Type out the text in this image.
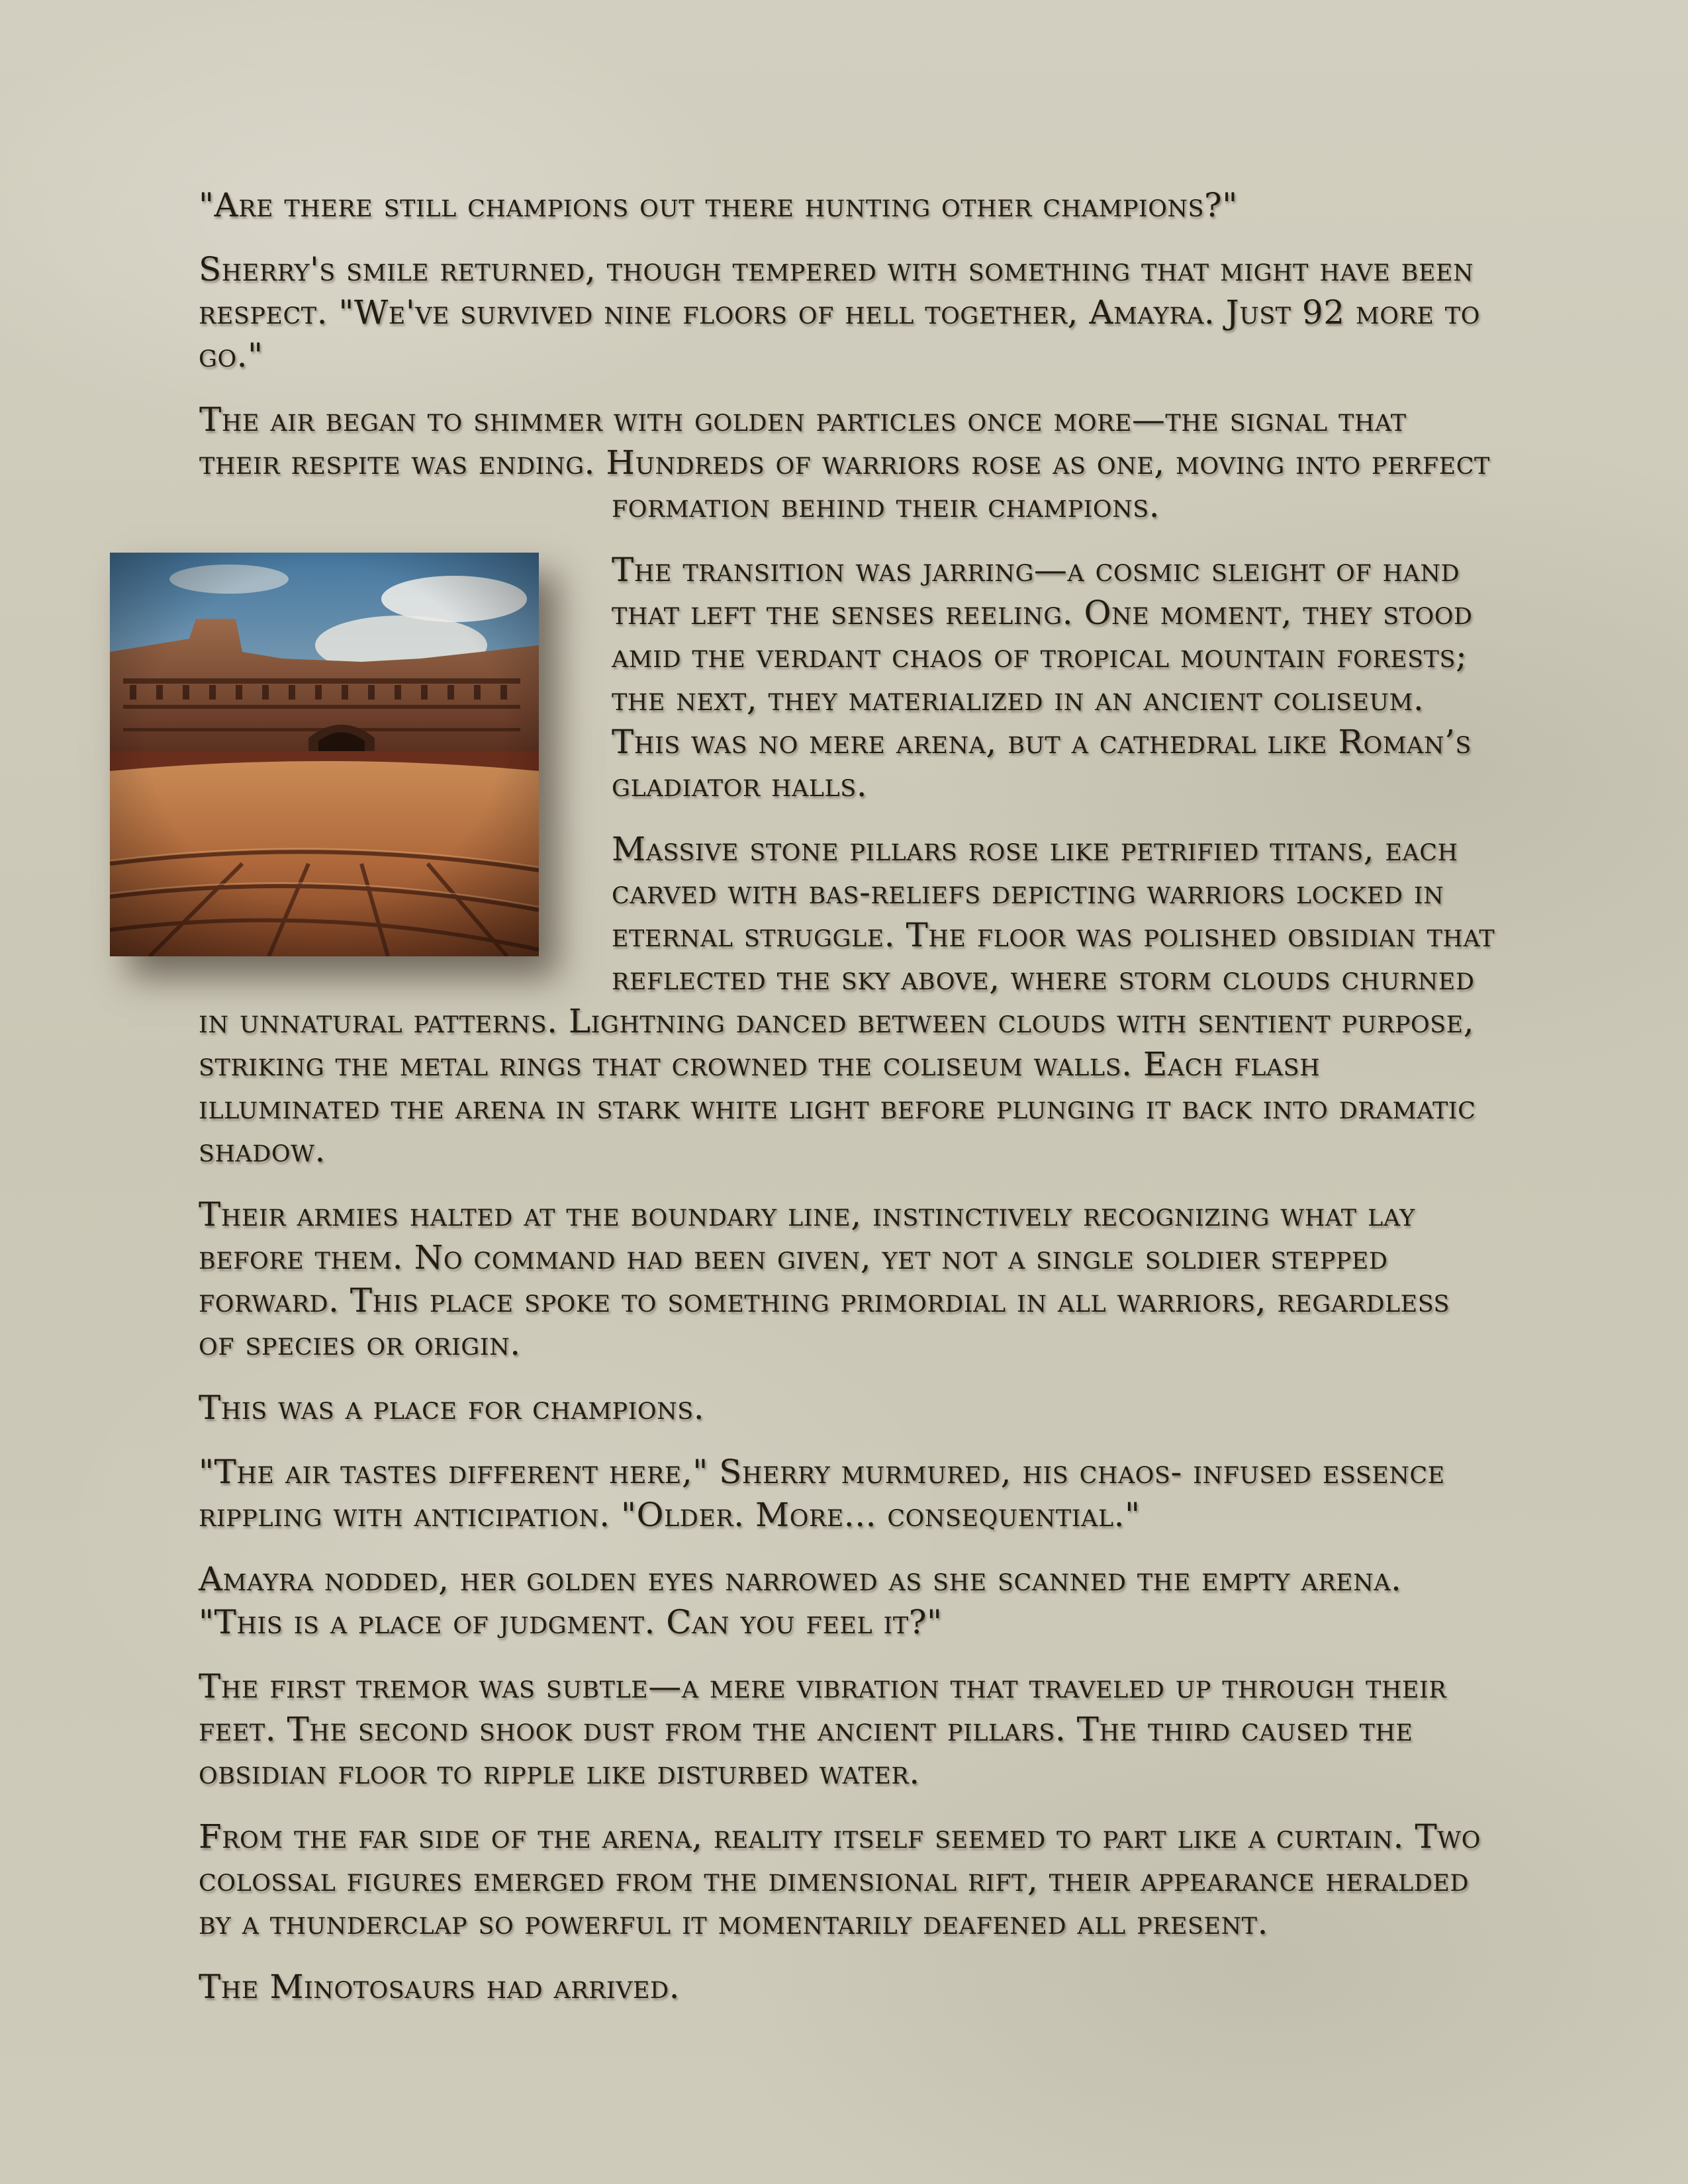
"Are there still champions out there hunting other champions?"

Sherry's smile returned, though tempered with something that might have been respect. "We've survived nine floors of hell together, Amayra. Just 92 more to go."

The air began to shimmer with golden particles once more—the signal that their respite was ending. Hundreds of warriors rose as one, moving into perfect formation behind their champions.

The transition was jarring—a cosmic sleight of hand that left the senses reeling. One moment, they stood amid the verdant chaos of tropical mountain forests; the next, they materialized in an ancient coliseum. This was no mere arena, but a cathedral like Roman’s gladiator halls.

Massive stone pillars rose like petrified titans, each carved with bas-reliefs depicting warriors locked in eternal struggle. The floor was polished obsidian that reflected the sky above, where storm clouds churned in unnatural patterns. Lightning danced between clouds with sentient purpose, striking the metal rings that crowned the coliseum walls. Each flash illuminated the arena in stark white light before plunging it back into dramatic shadow.

Their armies halted at the boundary line, instinctively recognizing what lay before them. No command had been given, yet not a single soldier stepped forward. This place spoke to something primordial in all warriors, regardless of species or origin.

This was a place for champions.

"The air tastes different here," Sherry murmured, his chaos- infused essence rippling with anticipation. "Older. More... consequential."

Amayra nodded, her golden eyes narrowed as she scanned the empty arena. "This is a place of judgment. Can you feel it?"

The first tremor was subtle—a mere vibration that traveled up through their feet. The second shook dust from the ancient pillars. The third caused the obsidian floor to ripple like disturbed water.

From the far side of the arena, reality itself seemed to part like a curtain. Two colossal figures emerged from the dimensional rift, their appearance heralded by a thunderclap so powerful it momentarily deafened all present.

The Minotosaurs had arrived.
